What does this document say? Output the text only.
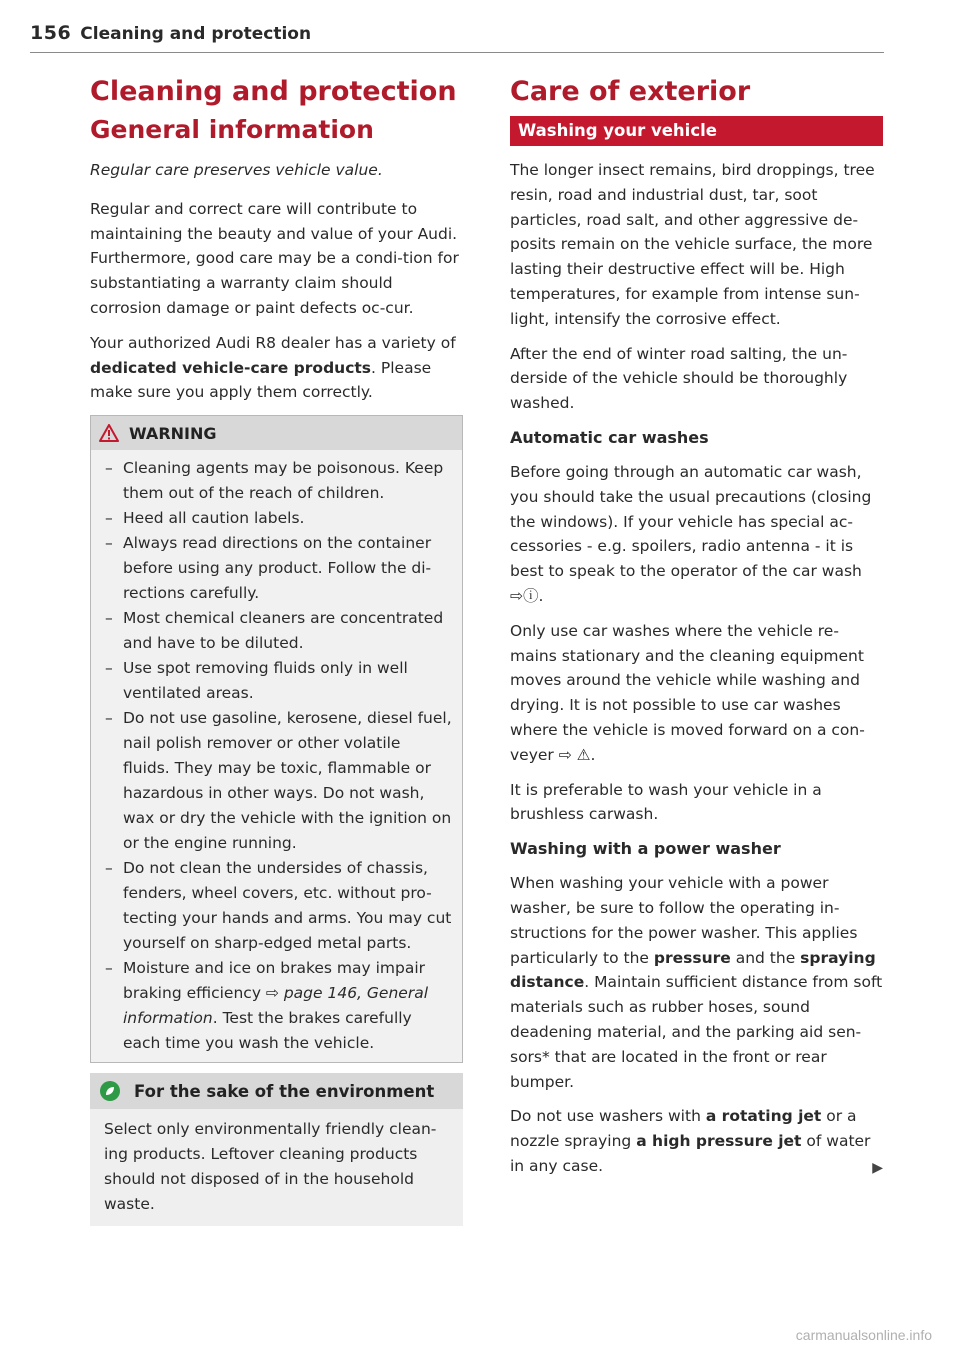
156 Cleaning and protection
Cleaning and protection
General information

Regular care preserves vehicle value.

Regular and correct care will contribute to maintaining the beauty and value of your Audi. Furthermore, good care may be a condi-tion for substantiating a warranty claim should corrosion damage or paint defects oc-cur.

Your authorized Audi R8 dealer has a variety of dedicated vehicle-care products. Please make sure you apply them correctly.

WARNING
– Cleaning agents may be poisonous. Keep them out of the reach of children.
– Heed all caution labels.
– Always read directions on the container before using any product. Follow the di-rections carefully.
– Most chemical cleaners are concentrated and have to be diluted.
– Use spot removing fluids only in well ventilated areas.
– Do not use gasoline, kerosene, diesel fuel, nail polish remover or other volatile fluids. They may be toxic, flammable or hazardous in other ways. Do not wash, wax or dry the vehicle with the ignition on or the engine running.
– Do not clean the undersides of chassis, fenders, wheel covers, etc. without pro-tecting your hands and arms. You may cut yourself on sharp-edged metal parts.
– Moisture and ice on brakes may impair braking efficiency ⇨ page 146, General information. Test the brakes carefully each time you wash the vehicle.
For the sake of the environment

Select only environmentally friendly clean-ing products. Leftover cleaning products should not disposed of in the household waste.

Care of exterior
Washing your vehicle

The longer insect remains, bird droppings, tree resin, road and industrial dust, tar, soot particles, road salt, and other aggressive de-posits remain on the vehicle surface, the more lasting their destructive effect will be. High temperatures, for example from intense sun-light, intensify the corrosive effect.

After the end of winter road salting, the un-derside of the vehicle should be thoroughly washed.

Automatic car washes

Before going through an automatic car wash, you should take the usual precautions (closing the windows). If your vehicle has special ac-cessories - e.g. spoilers, radio antenna - it is best to speak to the operator of the car wash ⇨ⓘ.

Only use car washes where the vehicle re-mains stationary and the cleaning equipment moves around the vehicle while washing and drying. It is not possible to use car washes where the vehicle is moved forward on a con-veyer ⇨ ⚠.

It is preferable to wash your vehicle in a brushless carwash.

Washing with a power washer

When washing your vehicle with a power washer, be sure to follow the operating in-structions for the power washer. This applies particularly to the pressure and the spraying distance. Maintain sufficient distance from soft materials such as rubber hoses, sound deadening material, and the parking aid sen-sors* that are located in the front or rear bumper.

Do not use washers with a rotating jet or a nozzle spraying a high pressure jet of water in any case.	▶

carmanualsonline.info
